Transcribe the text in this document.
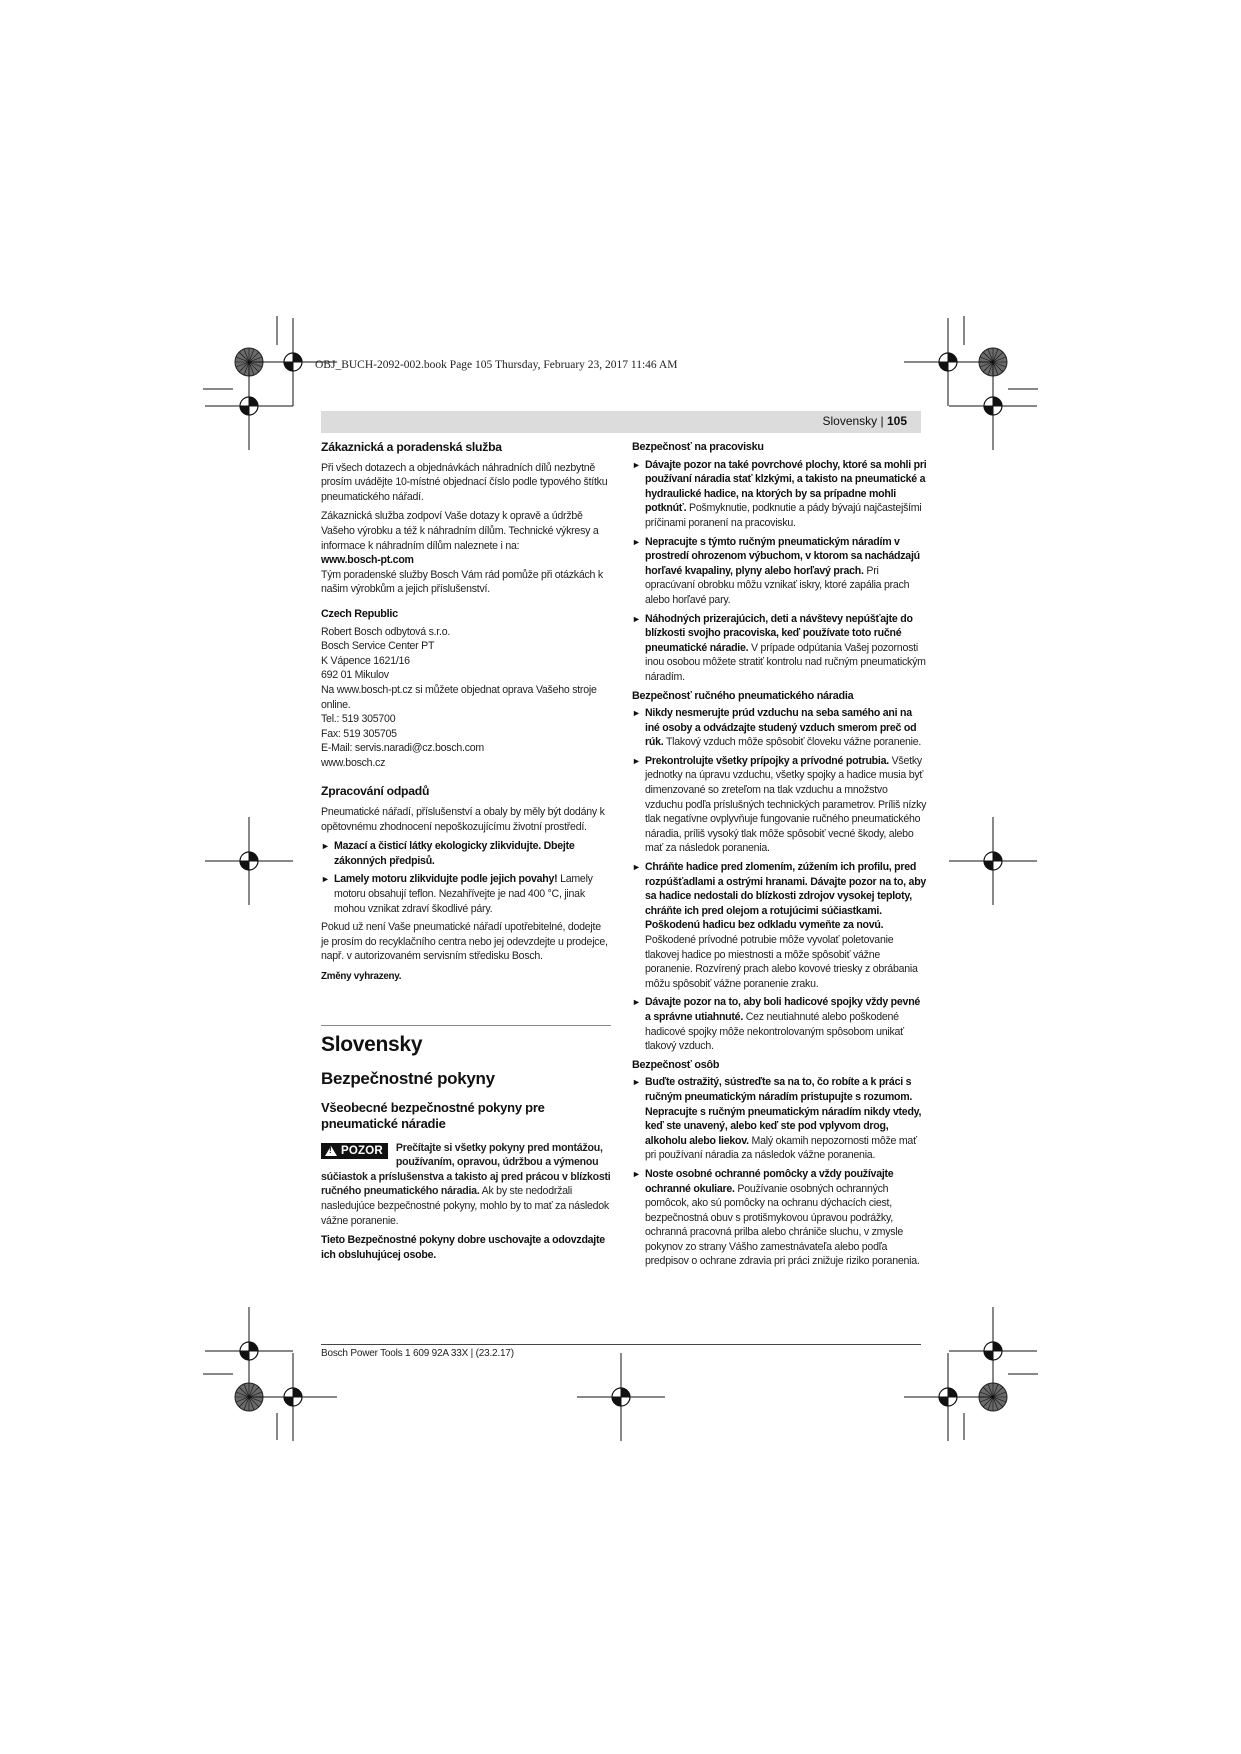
OBJ_BUCH-2092-002.book Page 105 Thursday, February 23, 2017 11:46 AM
Slovensky | 105
Zákaznická a poradenská služba

Při všech dotazech a objednávkách náhradních dílů nezbytně prosím uvádějte 10-místné objednací číslo podle typového štítku pneumatického nářadí.

Zákaznická služba zodpoví Vaše dotazy k opravě a údržbě Vašeho výrobku a též k náhradním dílům. Technické výkresy a informace k náhradním dílům naleznete i na:

www.bosch-pt.com

Tým poradenské služby Bosch Vám rád pomůže při otázkách k našim výrobkům a jejich příslušenství.

Czech Republic
Robert Bosch odbytová s.r.o.
Bosch Service Center PT
K Vápence 1621/16
692 01 Mikulov
Na www.bosch-pt.cz si můžete objednat oprava Vašeho stroje online.
Tel.: 519 305700
Fax: 519 305705
E-Mail: servis.naradi@cz.bosch.com
www.bosch.cz
Zpracování odpadů

Pneumatické nářadí, příslušenství a obaly by měly být dodány k opětovnému zhodnocení nepoškozujícímu životní prostředí.

► Mazací a čisticí látky ekologicky zlikvidujte. Dbejte zákonných předpisů.
► Lamely motoru zlikvidujte podle jejich povahy! Lamely motoru obsahují teflon. Nezahřívejte je nad 400 °C, jinak mohou vznikat zdraví škodlivé páry.

Pokud už není Vaše pneumatické nářadí upotřebitelné, dodejte je prosím do recyklačního centra nebo jej odevzdejte u prodejce, např. v autorizovaném servisním středisku Bosch.

Změny vyhrazeny.
Slovensky
Bezpečnostné pokyny
Všeobecné bezpečnostné pokyny pre pneumatické náradie
!
POZOR Prečítajte si všetky pokyny pred montážou, používaním, opravou, údržbou a výmenou súčiastok a príslušenstva a takisto aj pred prácou v blízkosti ručného pneumatického náradia. Ak by ste nedodržali nasledujúce bezpečnostné pokyny, mohlo by to mať za následok vážne poranenie.

Tieto Bezpečnostné pokyny dobre uschovajte a odovzdajte ich obsluhujúcej osobe.

Bezpečnosť na pracovisku
► Dávajte pozor na také povrchové plochy, ktoré sa mohli pri používaní náradia stať klzkými, a takisto na pneumatické a hydraulické hadice, na ktorých by sa prípadne mohli potknúť. Pošmyknutie, podknutie a pády bývajú najčastejšími príčinami poranení na pracovisku.
► Nepracujte s týmto ručným pneumatickým náradím v prostredí ohrozenom výbuchom, v ktorom sa nachádzajú horľavé kvapaliny, plyny alebo horľavý prach. Pri opracúvaní obrobku môžu vznikať iskry, ktoré zapália prach alebo horľavé pary.
► Náhodných prizerajúcich, deti a návštevy nepúšťajte do blízkosti svojho pracoviska, keď používate toto ručné pneumatické náradie. V prípade odpútania Vašej pozornosti inou osobou môžete stratiť kontrolu nad ručným pneumatickým náradím.
Bezpečnosť ručného pneumatického náradia
► Nikdy nesmerujte prúd vzduchu na seba samého ani na iné osoby a odvádzajte studený vzduch smerom preč od rúk. Tlakový vzduch môže spôsobiť človeku vážne poranenie.
► Prekontrolujte všetky prípojky a prívodné potrubia. Všetky jednotky na úpravu vzduchu, všetky spojky a hadice musia byť dimenzované so zreteľom na tlak vzduchu a množstvo vzduchu podľa príslušných technických parametrov. Príliš nízky tlak negatívne ovplyvňuje fungovanie ručného pneumatického náradia, príliš vysoký tlak môže spôsobiť vecné škody, alebo mať za následok poranenia.
► Chráňte hadice pred zlomením, zúžením ich profilu, pred rozpúšťadlami a ostrými hranami. Dávajte pozor na to, aby sa hadice nedostali do blízkosti zdrojov vysokej teploty, chráňte ich pred olejom a rotujúcimi súčiastkami. Poškodenú hadicu bez odkladu vymeňte za novú. Poškodené prívodné potrubie môže vyvolať poletovanie tlakovej hadice po miestnosti a môže spôsobiť vážne poranenie. Rozvírený prach alebo kovové triesky z obrábania môžu spôsobiť vážne poranenie zraku.
► Dávajte pozor na to, aby boli hadicové spojky vždy pevné a správne utiahnuté. Cez neutiahnuté alebo poškodené hadicové spojky môže nekontrolovaným spôsobom unikať tlakový vzduch.
Bezpečnosť osôb
► Buďte ostražitý, sústreďte sa na to, čo robíte a k práci s ručným pneumatickým náradím pristupujte s rozumom. Nepracujte s ručným pneumatickým náradím nikdy vtedy, keď ste unavený, alebo keď ste pod vplyvom drog, alkoholu alebo liekov. Malý okamih nepozornosti môže mať pri používaní náradia za následok vážne poranenia.
► Noste osobné ochranné pomôcky a vždy používajte ochranné okuliare. Používanie osobných ochranných pomôcok, ako sú pomôcky na ochranu dýchacích ciest, bezpečnostná obuv s protišmykovou úpravou podrážky, ochranná pracovná prilba alebo chrániče sluchu, v zmysle pokynov zo strany Vášho zamestnávateľa alebo podľa predpisov o ochrane zdravia pri práci znižuje riziko poranenia.
Bosch Power Tools 1 609 92A 33X | (23.2.17)
